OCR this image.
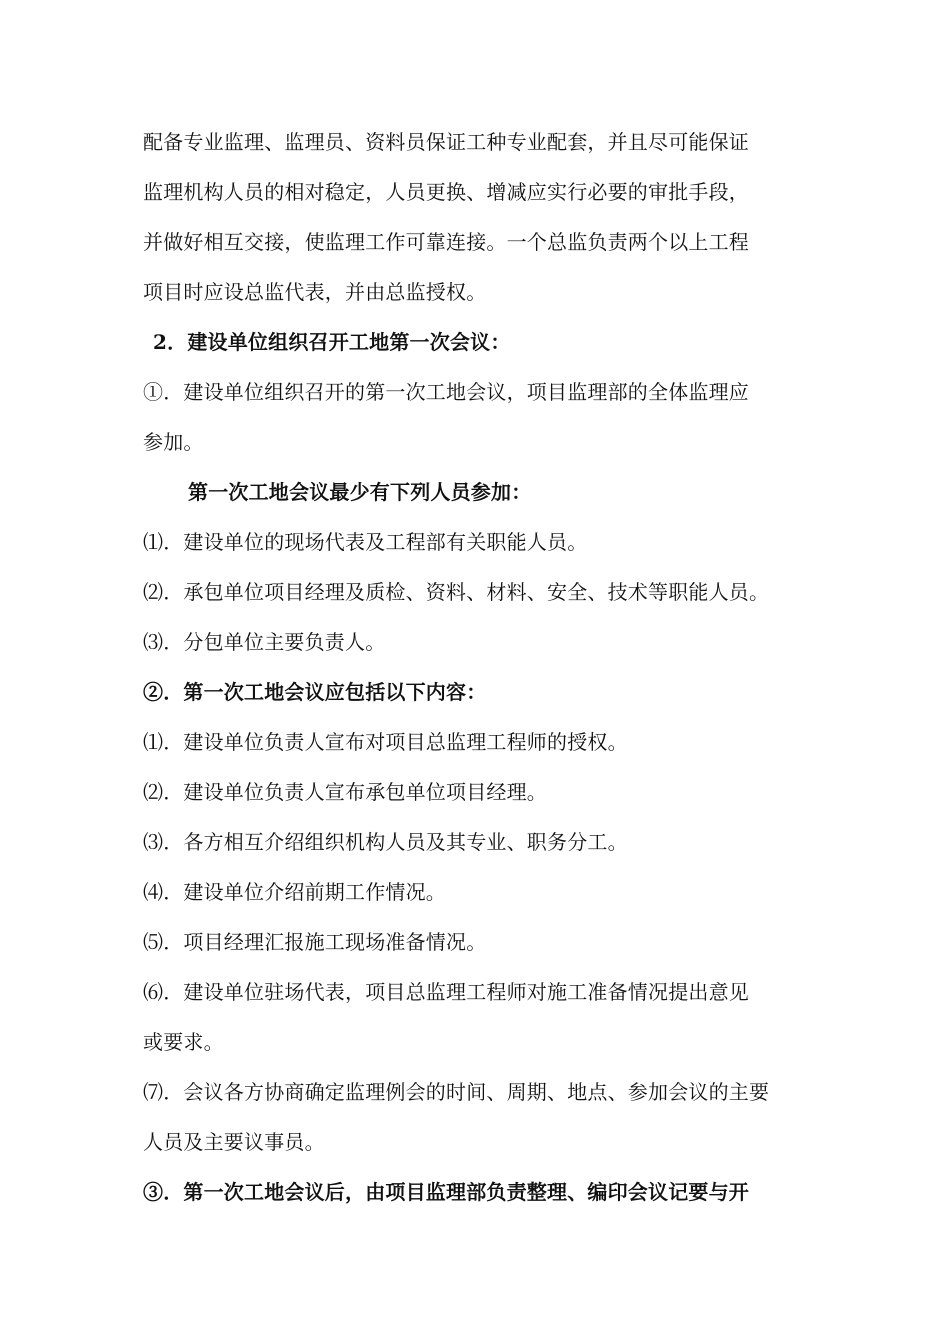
配备专业监理、监理员、资料员保证工种专业配套，并且尽可能保证
监理机构人员的相对稳定，人员更换、增减应实行必要的审批手段，
并做好相互交接，使监理工作可靠连接。一个总监负责两个以上工程
项目时应设总监代表，并由总监授权。
2．建设单位组织召开工地第一次会议：
①．建设单位组织召开的第一次工地会议，项目监理部的全体监理应
参加。
第一次工地会议最少有下列人员参加：
⑴．建设单位的现场代表及工程部有关职能人员。
⑵．承包单位项目经理及质检、资料、材料、安全、技术等职能人员。
⑶．分包单位主要负责人。
②．第一次工地会议应包括以下内容：
⑴．建设单位负责人宣布对项目总监理工程师的授权。
⑵．建设单位负责人宣布承包单位项目经理。
⑶．各方相互介绍组织机构人员及其专业、职务分工。
⑷．建设单位介绍前期工作情况。
⑸．项目经理汇报施工现场准备情况。
⑹．建设单位驻场代表，项目总监理工程师对施工准备情况提出意见
或要求。
⑺．会议各方协商确定监理例会的时间、周期、地点、参加会议的主要
人员及主要议事员。
③．第一次工地会议后，由项目监理部负责整理、编印会议记要与开
